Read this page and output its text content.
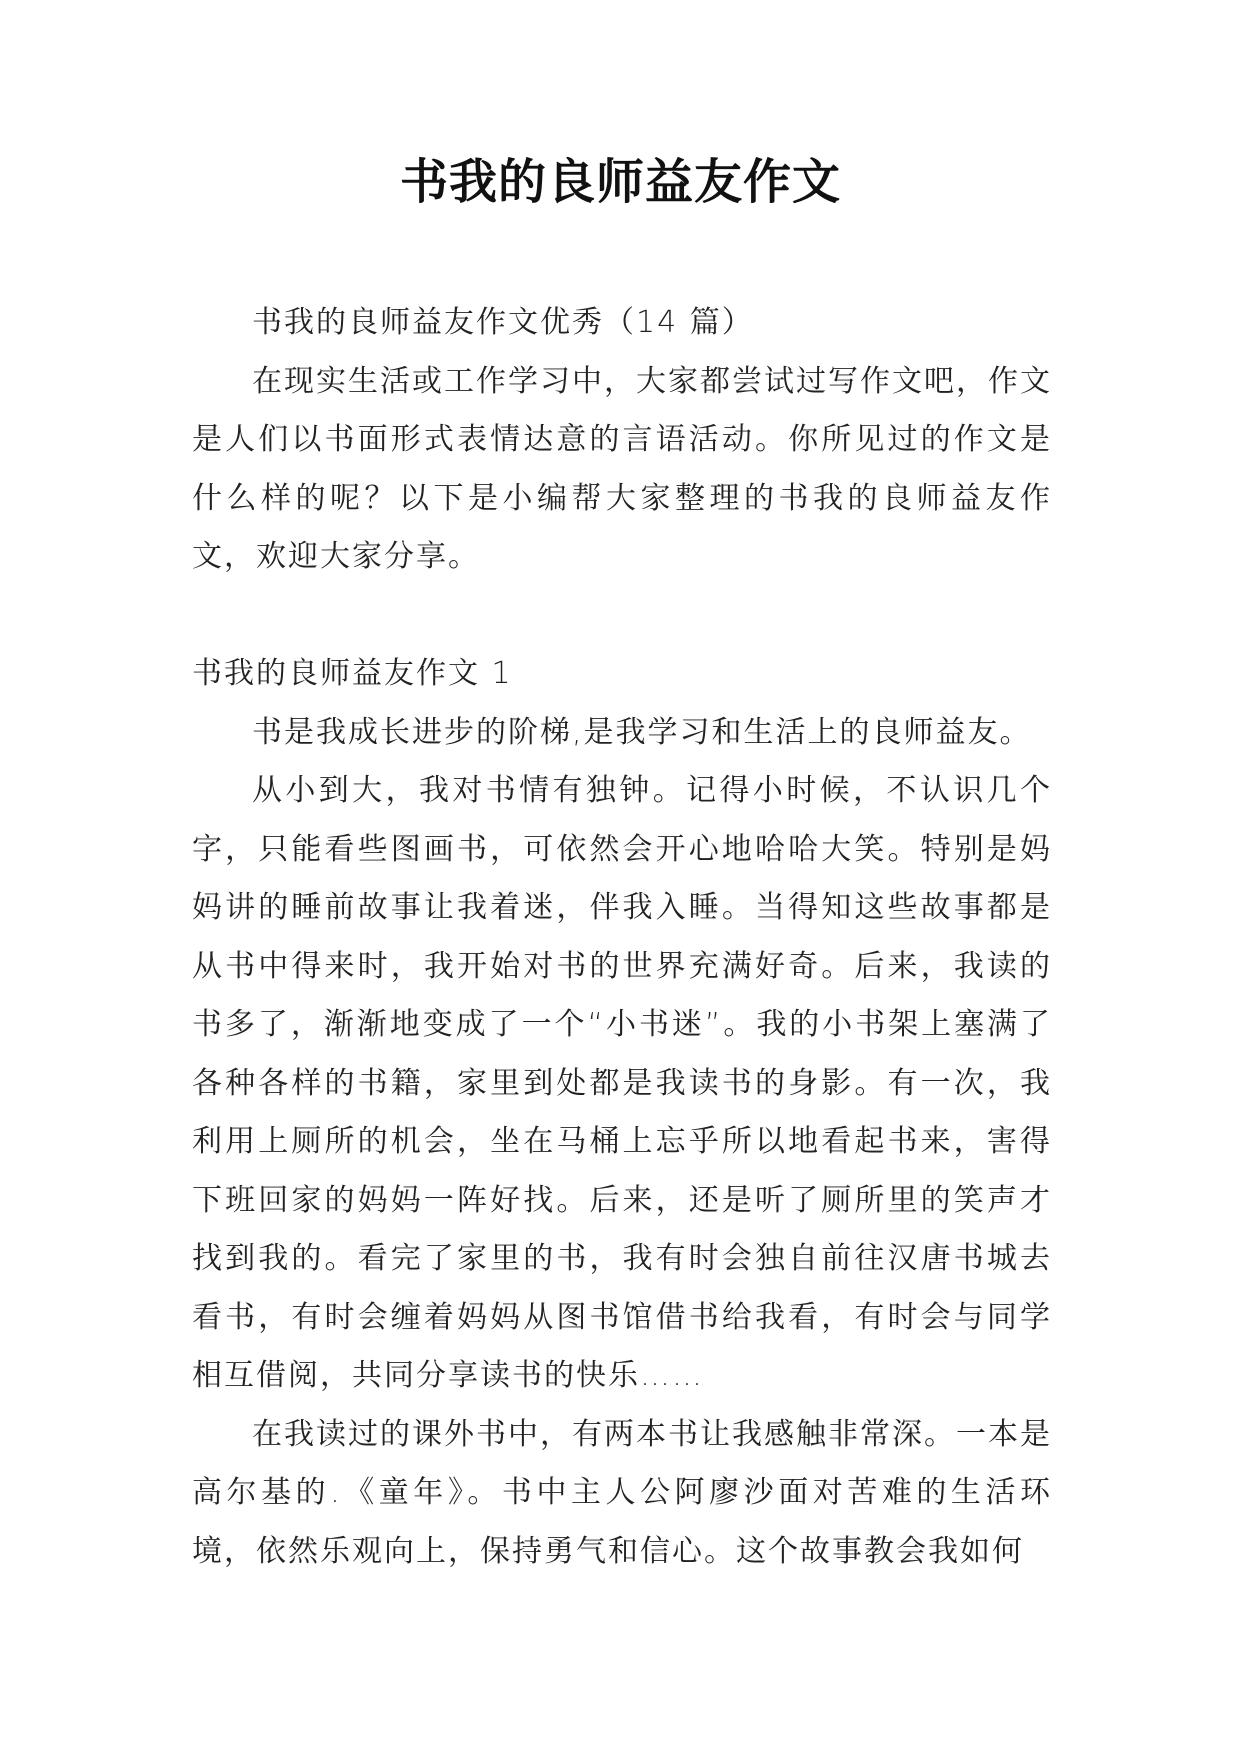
书我的良师益友作文

书我的良师益友作文优秀（14 篇）

在现实生活或工作学习中，大家都尝试过写作文吧，作文是人们以书面形式表情达意的言语活动。你所见过的作文是什么样的呢？以下是小编帮大家整理的书我的良师益友作文，欢迎大家分享。

书我的良师益友作文 1

书是我成长进步的阶梯,是我学习和生活上的良师益友。

从小到大，我对书情有独钟。记得小时候，不认识几个字，只能看些图画书，可依然会开心地哈哈大笑。特别是妈妈讲的睡前故事让我着迷，伴我入睡。当得知这些故事都是从书中得来时，我开始对书的世界充满好奇。后来，我读的书多了，渐渐地变成了一个“小书迷”。我的小书架上塞满了各种各样的书籍，家里到处都是我读书的身影。有一次，我利用上厕所的机会，坐在马桶上忘乎所以地看起书来，害得下班回家的妈妈一阵好找。后来，还是听了厕所里的笑声才找到我的。看完了家里的书，我有时会独自前往汉唐书城去看书，有时会缠着妈妈从图书馆借书给我看，有时会与同学相互借阅，共同分享读书的快乐……

在我读过的课外书中，有两本书让我感触非常深。一本是高尔基的.《童年》。书中主人公阿廖沙面对苦难的生活环境，依然乐观向上，保持勇气和信心。这个故事教会我如何
